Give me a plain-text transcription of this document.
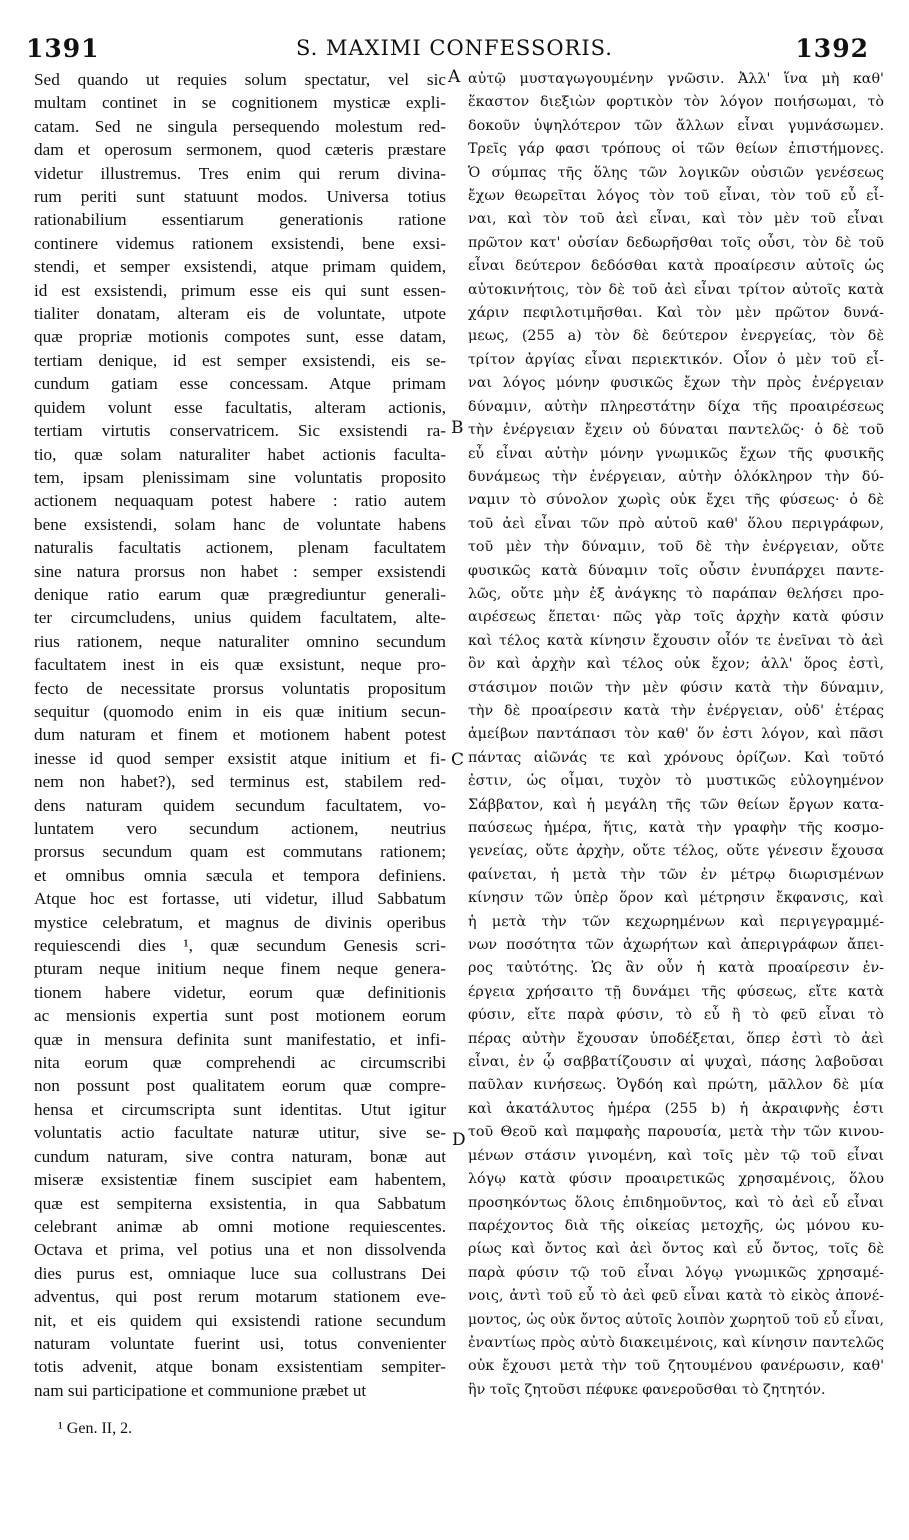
1391	S. MAXIMI CONFESSORIS.	1392
Sed quando ut requies solum spectatur, vel sic
multam continet in se cognitionem mysticæ expli-
catam. Sed ne singula persequendo molestum red-
dam et operosum sermonem, quod cæteris præstare
videtur illustremus. Tres enim qui rerum divina-
rum periti sunt statuunt modos. Universa totius
rationabilium essentiarum generationis ratione
continere videmus rationem exsistendi, bene exsi-
stendi, et semper exsistendi, atque primam quidem,
id est exsistendi, primum esse eis qui sunt essen-
tialiter donatam, alteram eis de voluntate, utpote
quæ propriæ motionis compotes sunt, esse datam,
tertiam denique, id est semper exsistendi, eis se-
cundum gatiam esse concessam. Atque primam
quidem volunt esse facultatis, alteram actionis,
tertiam virtutis conservatricem. Sic exsistendi ra-
tio, quæ solam naturaliter habet actionis faculta-
tem, ipsam plenissimam sine voluntatis proposito
actionem nequaquam potest habere : ratio autem
bene exsistendi, solam hanc de voluntate habens
naturalis facultatis actionem, plenam facultatem
sine natura prorsus non habet : semper exsistendi
denique ratio earum quæ prægrediuntur generali-
ter circumcludens, unius quidem facultatem, alte-
rius rationem, neque naturaliter omnino secundum
facultatem inest in eis quæ exsistunt, neque pro-
fecto de necessitate prorsus voluntatis propositum
sequitur (quomodo enim in eis quæ initium secun-
dum naturam et finem et motionem habent potest
inesse id quod semper exsistit atque initium et fi-
nem non habet?), sed terminus est, stabilem red-
dens naturam quidem secundum facultatem, vo-
luntatem vero secundum actionem, neutrius
prorsus secundum quam est commutans rationem;
et omnibus omnia sæcula et tempora definiens.
Atque hoc est fortasse, uti videtur, illud Sabbatum
mystice celebratum, et magnus de divinis operibus
requiescendi dies ¹, quæ secundum Genesis scri-
pturam neque initium neque finem neque genera-
tionem habere videtur, eorum quæ definitionis
ac mensionis expertia sunt post motionem eorum
quæ in mensura definita sunt manifestatio, et infi-
nita eorum quæ comprehendi ac circumscribi
non possunt post qualitatem eorum quæ compre-
hensa et circumscripta sunt identitas. Utut igitur
voluntatis actio facultate naturæ utitur, sive se-
cundum naturam, sive contra naturam, bonæ aut
miseræ exsistentiæ finem suscipiet eam habentem,
quæ est sempiterna exsistentia, in qua Sabbatum
celebrant animæ ab omni motione requiescentes.
Octava et prima, vel potius una et non dissolvenda
dies purus est, omniaque luce sua collustrans Dei
adventus, qui post rerum motarum stationem eve-
nit, et eis quidem qui exsistendi ratione secundum
naturam voluntate fuerint usi, totus convenienter
totis advenit, atque bonam exsistentiam sempiter-
nam sui participatione et communione præbet ut
A
B
C
D
αὐτῷ μυσταγωγουμένην γνῶσιν. Ἀλλ' ἵνα μὴ καθ'
ἕκαστον διεξιὼν φορτικὸν τὸν λόγον ποιήσωμαι, τὸ
δοκοῦν ὑψηλότερον τῶν ἄλλων εἶναι γυμνάσωμεν.
Τρεῖς γάρ φασι τρόπους οἱ τῶν θείων ἐπιστήμονες.
Ὁ σύμπας τῆς ὅλης τῶν λογικῶν οὐσιῶν γενέσεως
ἔχων θεωρεῖται λόγος τὸν τοῦ εἶναι, τὸν τοῦ εὖ εἶ-
ναι, καὶ τὸν τοῦ ἀεὶ εἶναι, καὶ τὸν μὲν τοῦ εἶναι
πρῶτον κατ' οὐσίαν δεδωρῆσθαι τοῖς οὖσι, τὸν δὲ τοῦ
εἶναι δεύτερον δεδόσθαι κατὰ προαίρεσιν αὐτοῖς ὡς
αὐτοκινήτοις, τὸν δὲ τοῦ ἀεὶ εἶναι τρίτον αὐτοῖς κατὰ
χάριν πεφιλοτιμῆσθαι. Καὶ τὸν μὲν πρῶτον δυνά-
μεως, (255 a) τὸν δὲ δεύτερον ἐνεργείας, τὸν δὲ
τρίτον ἀργίας εἶναι περιεκτικόν. Οἷον ὁ μὲν τοῦ εἶ-
ναι λόγος μόνην φυσικῶς ἔχων τὴν πρὸς ἐνέργειαν
δύναμιν, αὐτὴν πληρεστάτην δίχα τῆς προαιρέσεως
τὴν ἐνέργειαν ἔχειν οὐ δύναται παντελῶς· ὁ δὲ τοῦ
εὖ εἶναι αὐτὴν μόνην γνωμικῶς ἔχων τῆς φυσικῆς
δυνάμεως τὴν ἐνέργειαν, αὐτὴν ὁλόκληρον τὴν δύ-
ναμιν τὸ σύνολον χωρὶς οὐκ ἔχει τῆς φύσεως· ὁ δὲ
τοῦ ἀεὶ εἶναι τῶν πρὸ αὐτοῦ καθ' ὅλου περιγράφων,
τοῦ μὲν τὴν δύναμιν, τοῦ δὲ τὴν ἐνέργειαν, οὔτε
φυσικῶς κατὰ δύναμιν τοῖς οὖσιν ἐνυπάρχει παντε-
λῶς, οὔτε μὴν ἐξ ἀνάγκης τὸ παράπαν θελήσει προ-
αιρέσεως ἕπεται· πῶς γὰρ τοῖς ἀρχὴν κατὰ φύσιν
καὶ τέλος κατὰ κίνησιν ἔχουσιν οἷόν τε ἐνεῖναι τὸ ἀεὶ
ὂν καὶ ἀρχὴν καὶ τέλος οὐκ ἔχον; ἀλλ' ὅρος ἐστὶ,
στάσιμον ποιῶν τὴν μὲν φύσιν κατὰ τὴν δύναμιν,
τὴν δὲ προαίρεσιν κατὰ τὴν ἐνέργειαν, οὐδ' ἑτέρας
ἀμείβων παντάπασι τὸν καθ' ὅν ἐστι λόγον, καὶ πᾶσι
πάντας αἰῶνάς τε καὶ χρόνους ὁρίζων. Καὶ τοῦτό
ἐστιν, ὡς οἶμαι, τυχὸν τὸ μυστικῶς εὐλογημένον
Σάββατον, καὶ ἡ μεγάλη τῆς τῶν θείων ἔργων κατα-
παύσεως ἡμέρα, ἥτις, κατὰ τὴν γραφὴν τῆς κοσμο-
γενείας, οὔτε ἀρχὴν, οὔτε τέλος, οὔτε γένεσιν ἔχουσα
φαίνεται, ἡ μετὰ τὴν τῶν ἐν μέτρῳ διωρισμένων
κίνησιν τῶν ὑπὲρ ὅρον καὶ μέτρησιν ἔκφανσις, καὶ
ἡ μετὰ τὴν τῶν κεχωρημένων καὶ περιγεγραμμέ-
νων ποσότητα τῶν ἀχωρήτων καὶ ἀπεριγράφων ἄπει-
ρος ταὐτότης. Ὡς ἂν οὖν ἡ κατὰ προαίρεσιν ἐν-
έργεια χρήσαιτο τῇ δυνάμει τῆς φύσεως, εἴτε κατὰ
φύσιν, εἴτε παρὰ φύσιν, τὸ εὖ ἢ τὸ φεῦ εἶναι τὸ
πέρας αὐτὴν ἔχουσαν ὑποδέξεται, ὅπερ ἐστὶ τὸ ἀεὶ
εἶναι, ἐν ᾧ σαββατίζουσιν αἱ ψυχαὶ, πάσης λαβοῦσαι
παῦλαν κινήσεως. Ὀγδόη καὶ πρώτη, μᾶλλον δὲ μία
καὶ ἀκατάλυτος ἡμέρα (255 b) ἡ ἀκραιφνὴς ἐστι
τοῦ Θεοῦ καὶ παμφαὴς παρουσία, μετὰ τὴν τῶν κινου-
μένων στάσιν γινομένη, καὶ τοῖς μὲν τῷ τοῦ εἶναι
λόγῳ κατὰ φύσιν προαιρετικῶς χρησαμένοις, ὅλου
προσηκόντως ὅλοις ἐπιδημοῦντος, καὶ τὸ ἀεὶ εὖ εἶναι
παρέχοντος διὰ τῆς οἰκείας μετοχῆς, ὡς μόνου κυ-
ρίως καὶ ὄντος καὶ ἀεὶ ὄντος καὶ εὖ ὄντος, τοῖς δὲ
παρὰ φύσιν τῷ τοῦ εἶναι λόγῳ γνωμικῶς χρησαμέ-
νοις, ἀντὶ τοῦ εὖ τὸ ἀεὶ φεῦ εἶναι κατὰ τὸ εἰκὸς ἀπονέ-
μοντος, ὡς οὐκ ὄντος αὐτοῖς λοιπὸν χωρητοῦ τοῦ εὖ εἶναι,
ἐναντίως πρὸς αὐτὸ διακειμένοις, καὶ κίνησιν παντελῶς
οὐκ ἔχουσι μετὰ τὴν τοῦ ζητουμένου φανέρωσιν, καθ'
ἣν τοῖς ζητοῦσι πέφυκε φανεροῦσθαι τὸ ζητητόν.
¹ Gen. II, 2.
